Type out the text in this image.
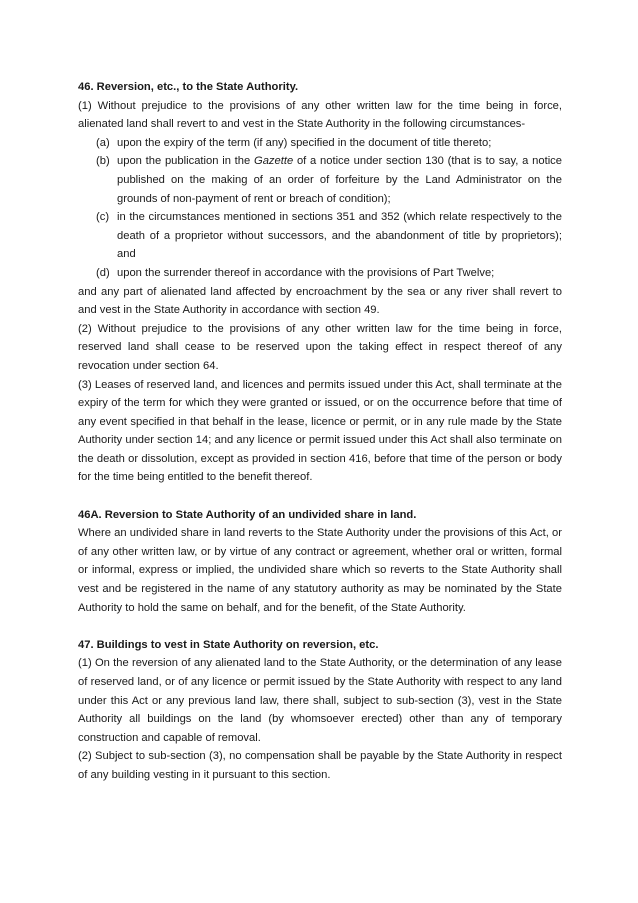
46. Reversion, etc., to the State Authority.

(1) Without prejudice to the provisions of any other written law for the time being in force, alienated land shall revert to and vest in the State Authority in the following circumstances-

(a) upon the expiry of the term (if any) specified in the document of title thereto;
(b) upon the publication in the Gazette of a notice under section 130 (that is to say, a notice published on the making of an order of forfeiture by the Land Administrator on the grounds of non-payment of rent or breach of condition);
(c) in the circumstances mentioned in sections 351 and 352 (which relate respectively to the death of a proprietor without successors, and the abandonment of title by proprietors); and
(d) upon the surrender thereof in accordance with the provisions of Part Twelve;

and any part of alienated land affected by encroachment by the sea or any river shall revert to and vest in the State Authority in accordance with section 49.

(2) Without prejudice to the provisions of any other written law for the time being in force, reserved land shall cease to be reserved upon the taking effect in respect thereof of any revocation under section 64.

(3) Leases of reserved land, and licences and permits issued under this Act, shall terminate at the expiry of the term for which they were granted or issued, or on the occurrence before that time of any event specified in that behalf in the lease, licence or permit, or in any rule made by the State Authority under section 14; and any licence or permit issued under this Act shall also terminate on the death or dissolution, except as provided in section 416, before that time of the person or body for the time being entitled to the benefit thereof.

46A. Reversion to State Authority of an undivided share in land.

Where an undivided share in land reverts to the State Authority under the provisions of this Act, or of any other written law, or by virtue of any contract or agreement, whether oral or written, formal or informal, express or implied, the undivided share which so reverts to the State Authority shall vest and be registered in the name of any statutory authority as may be nominated by the State Authority to hold the same on behalf, and for the benefit, of the State Authority.

47. Buildings to vest in State Authority on reversion, etc.

(1) On the reversion of any alienated land to the State Authority, or the determination of any lease of reserved land, or of any licence or permit issued by the State Authority with respect to any land under this Act or any previous land law, there shall, subject to sub-section (3), vest in the State Authority all buildings on the land (by whomsoever erected) other than any of temporary construction and capable of removal.

(2) Subject to sub-section (3), no compensation shall be payable by the State Authority in respect of any building vesting in it pursuant to this section.
